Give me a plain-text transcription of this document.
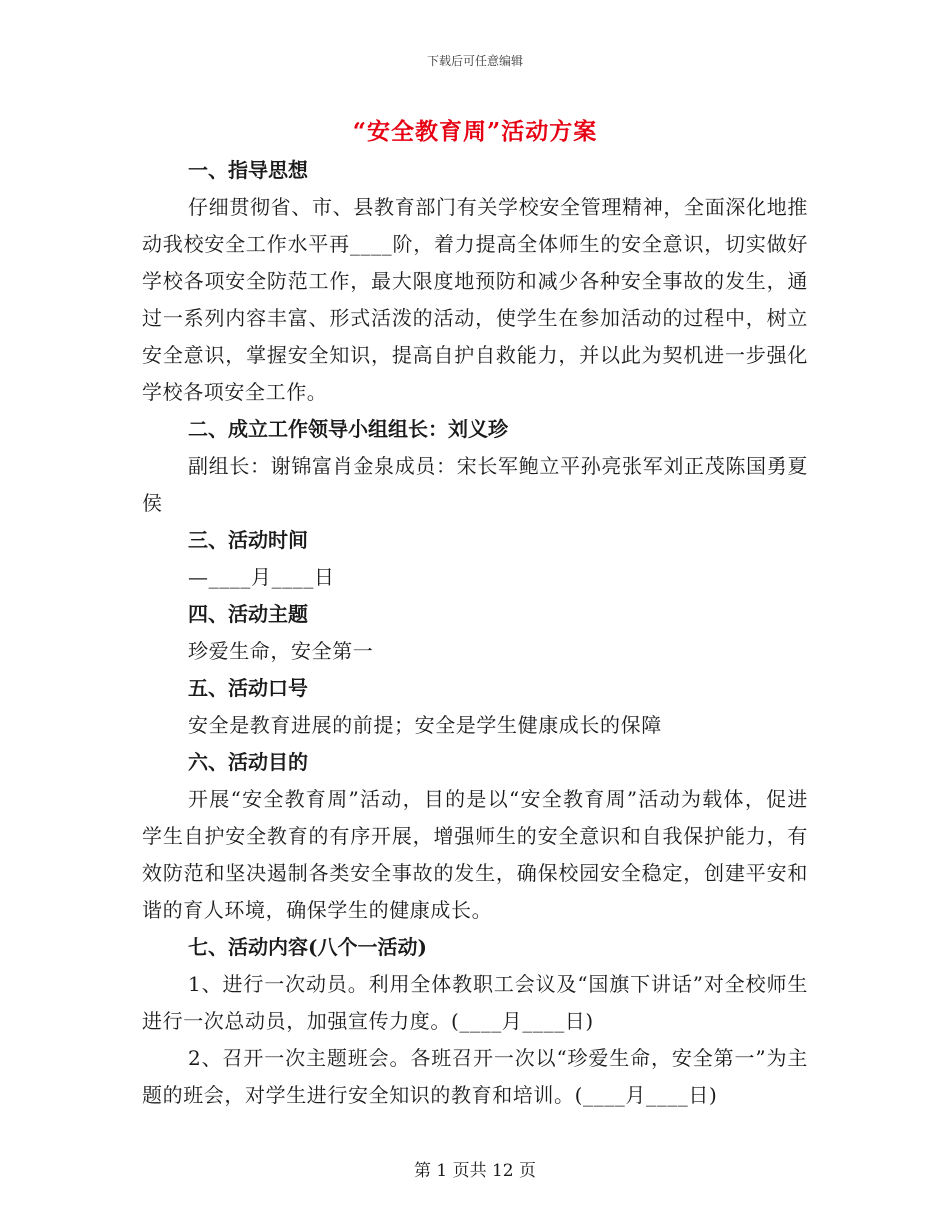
下载后可任意编辑
“安全教育周”活动方案

一、指导思想

仔细贯彻省、市、县教育部门有关学校安全管理精神，全面深化地推动我校安全工作水平再____阶，着力提高全体师生的安全意识，切实做好学校各项安全防范工作，最大限度地预防和减少各种安全事故的发生，通过一系列内容丰富、形式活泼的活动，使学生在参加活动的过程中，树立安全意识，掌握安全知识，提高自护自救能力，并以此为契机进一步强化学校各项安全工作。

二、成立工作领导小组组长：刘义珍

副组长：谢锦富肖金泉成员：宋长军鲍立平孙亮张军刘正茂陈国勇夏侯

三、活动时间

—____月____日

四、活动主题

珍爱生命，安全第一

五、活动口号

安全是教育进展的前提；安全是学生健康成长的保障

六、活动目的

开展“安全教育周”活动，目的是以“安全教育周”活动为载体，促进学生自护安全教育的有序开展，增强师生的安全意识和自我保护能力，有效防范和坚决遏制各类安全事故的发生，确保校园安全稳定，创建平安和谐的育人环境，确保学生的健康成长。

七、活动内容(八个一活动)

1、进行一次动员。利用全体教职工会议及“国旗下讲话”对全校师生进行一次总动员，加强宣传力度。(____月____日)

2、召开一次主题班会。各班召开一次以“珍爱生命，安全第一”为主题的班会，对学生进行安全知识的教育和培训。(____月____日)

第 1 页共 12 页
